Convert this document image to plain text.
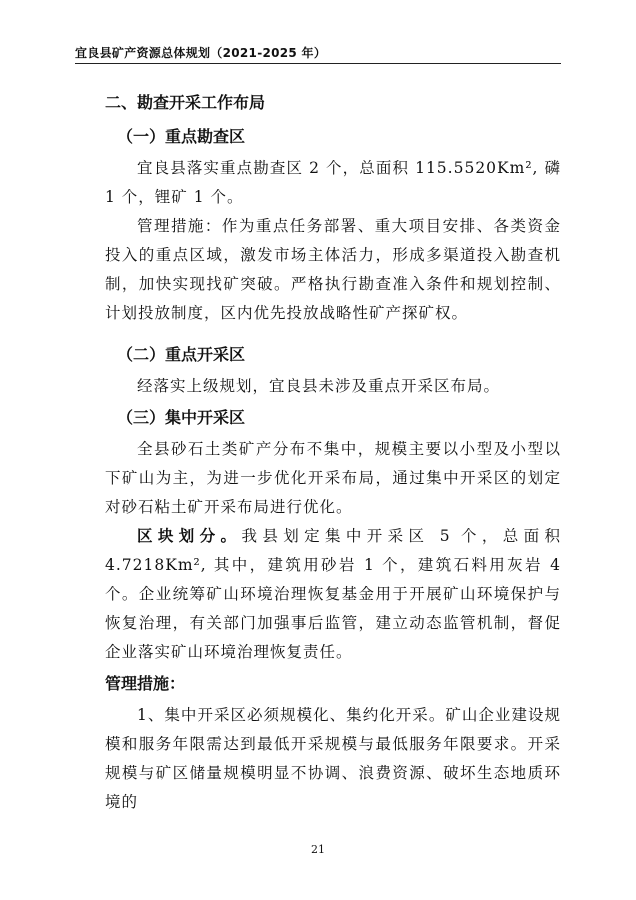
宜良县矿产资源总体规划（2021-2025 年）

二、勘查开采工作布局

（一）重点勘查区

宜良县落实重点勘查区 2 个，总面积 115.5520Km², 磷 1 个，锂矿 1 个。

管理措施：作为重点任务部署、重大项目安排、各类资金投入的重点区域，激发市场主体活力，形成多渠道投入勘查机制，加快实现找矿突破。严格执行勘查准入条件和规划控制、计划投放制度，区内优先投放战略性矿产探矿权。

（二）重点开采区

经落实上级规划，宜良县未涉及重点开采区布局。

（三）集中开采区

全县砂石土类矿产分布不集中，规模主要以小型及小型以下矿山为主，为进一步优化开采布局，通过集中开采区的划定对砂石粘土矿开采布局进行优化。

区块划分。我县划定集中开采区 5 个，总面积 4.7218Km², 其中，建筑用砂岩 1 个，建筑石料用灰岩 4 个。企业统筹矿山环境治理恢复基金用于开展矿山环境保护与恢复治理，有关部门加强事后监管，建立动态监管机制，督促企业落实矿山环境治理恢复责任。

管理措施：

1、集中开采区必须规模化、集约化开采。矿山企业建设规模和服务年限需达到最低开采规模与最低服务年限要求。开采规模与矿区储量规模明显不协调、浪费资源、破坏生态地质环境的

21
